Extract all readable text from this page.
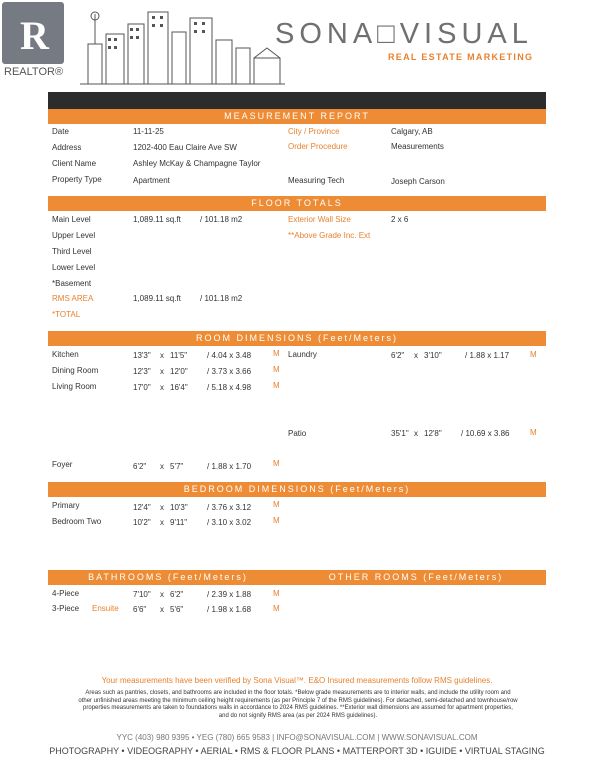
R
REALTOR®
SONA□VISUAL
REAL ESTATE MARKETING
MEASUREMENT REPORT
Date	11-11-25
Address	1202-400 Eau Claire Ave SW
Client Name	Ashley McKay & Champagne Taylor
Property Type	Apartment
City / Province	Calgary, AB
Order Procedure	Measurements
Measuring Tech	Joseph Carson
FLOOR TOTALS
Main Level	1,089.11 sq.ft / 101.18 m2
Upper Level
Third Level
Lower Level
*Basement
RMS AREA	1,089.11 sq.ft / 101.18 m2
*TOTAL
Exterior Wall Size	2 x 6
**Above Grade Inc. Ext
ROOM DIMENSIONS (Feet/Meters)
Kitchen	13'3" x 11'5" / 4.04 x 3.48	M
Dining Room	12'3" x 12'0" / 3.73 x 3.66	M
Living Room	17'0" x 16'4" / 5.18 x 4.98	M
Foyer	6'2" x 5'7"	/ 1.88 x 1.70	M
Laundry	6'2" x 3'10"	/ 1.88 x 1.17	M
Patio	35'1" x 12'8" / 10.69 x 3.86	M
BEDROOM DIMENSIONS (Feet/Meters)
Primary	12'4" x 10'3" / 3.76 x 3.12	M
Bedroom Two	10'2" x 9'11" / 3.10 x 3.02	M
BATHROOMS (Feet/Meters)	OTHER ROOMS (Feet/Meters)
4-Piece	7'10" x 6'2"	/ 2.39 x 1.88	M
3-Piece Ensuite 6'6" x 5'6"	/ 1.98 x 1.68	M
Your measurements have been verified by Sona Visual™. E&O Insured measurements follow RMS guidelines.
Areas such as pantries, closets, and bathrooms are included in the floor totals. *Below grade measurements are to interior walls, and include the utility room and other unfinished areas meeting the minimum ceiling height requirements (as per Principle 7 of the RMS guidelines). For detached, semi-detached and townhouse/row properties measurements are taken to foundations walls in accordance to 2024 RMS guidelines. **Exterior wall dimensions are assumed for apartment properties, and do not signify RMS area (as per 2024 RMS guidelines).
YYC (403) 980 9395 • YEG (780) 665 9583 | INFO@SONAVISUAL.COM | WWW.SONAVISUAL.COM
PHOTOGRAPHY • VIDEOGRAPHY • AERIAL • RMS & FLOOR PLANS • MATTERPORT 3D • IGUIDE • VIRTUAL STAGING
